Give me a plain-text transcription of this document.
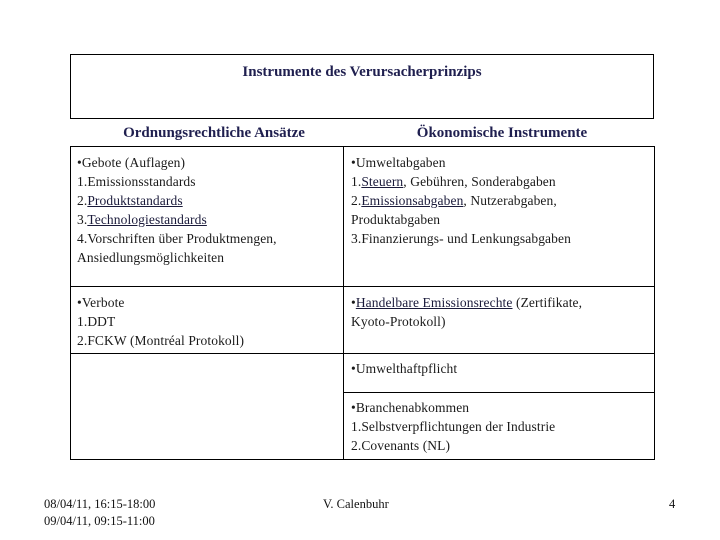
Instrumente des Verursacherprinzips
Ordnungsrechtliche Ansätze	Ökonomische Instrumente
•Gebote (Auflagen)
1.Emissionsstandards
2.Produktstandards
3.Technologiestandards
4.Vorschriften über Produktmengen,
Ansiedlungsmöglichkeiten
•Umweltabgaben
1.Steuern, Gebühren, Sonderabgaben
2.Emissionsabgaben, Nutzerabgaben,
Produktabgaben
3.Finanzierungs- und Lenkungsabgaben
•Verbote
1.DDT
2.FCKW (Montréal Protokoll)
•Handelbare Emissionsrechte (Zertifikate,
Kyoto-Protokoll)
•Umwelthaftpflicht
•Branchenabkommen
1.Selbstverpflichtungen der Industrie
2.Covenants (NL)
08/04/11, 16:15-18:00
09/04/11, 09:15-11:00
V. Calenbuhr	4
